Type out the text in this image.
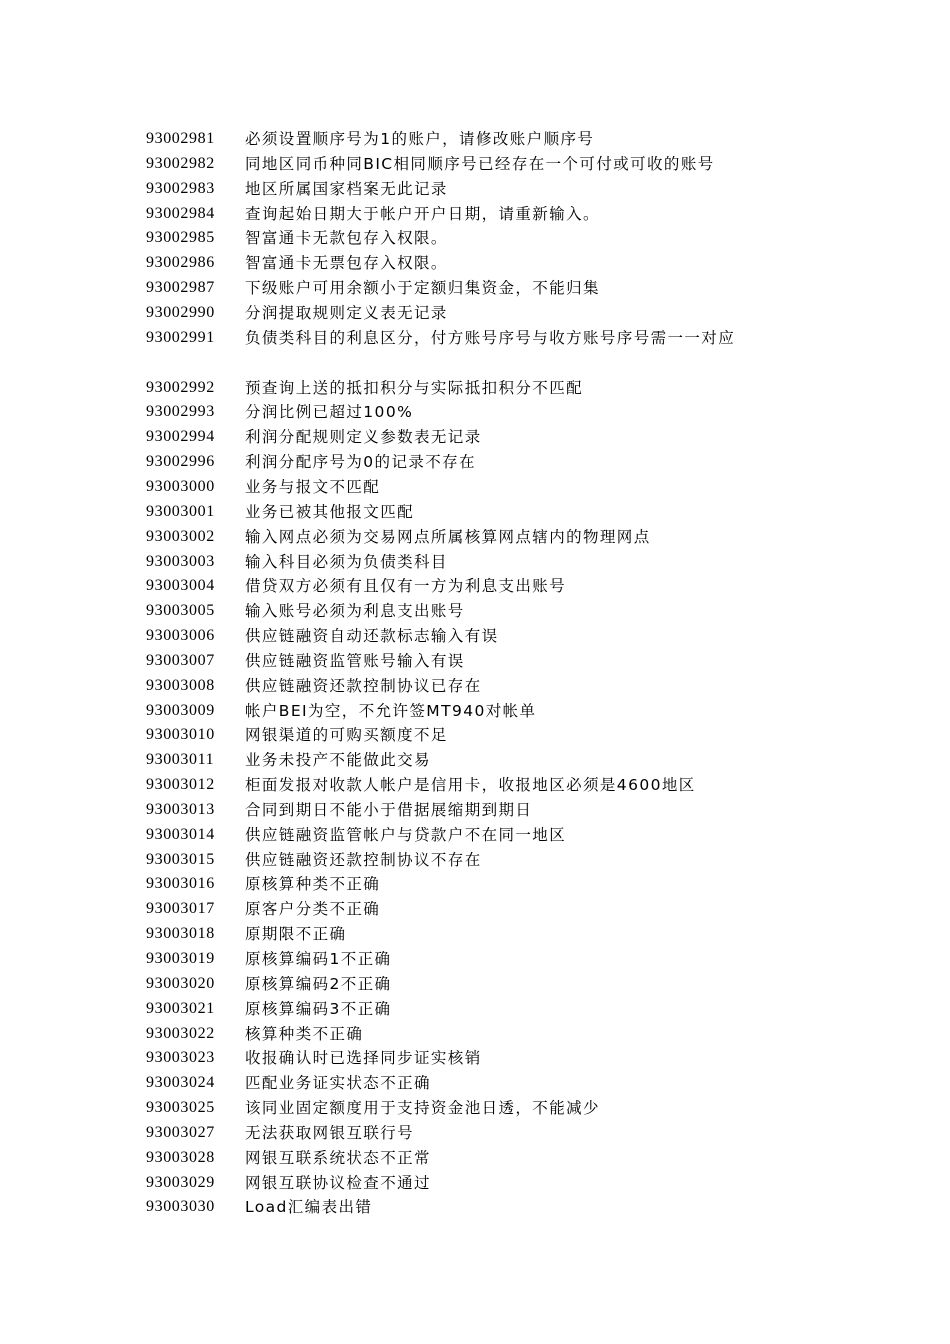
93002981	必须设置顺序号为1的账户，请修改账户顺序号
93002982	同地区同币种同BIC相同顺序号已经存在一个可付或可收的账号
93002983	地区所属国家档案无此记录
93002984	查询起始日期大于帐户开户日期，请重新输入。
93002985	智富通卡无款包存入权限。
93002986	智富通卡无票包存入权限。
93002987	下级账户可用余额小于定额归集资金，不能归集
93002990	分润提取规则定义表无记录
93002991	负债类科目的利息区分，付方账号序号与收方账号序号需一一对应
93002992	预查询上送的抵扣积分与实际抵扣积分不匹配
93002993	分润比例已超过100%
93002994	利润分配规则定义参数表无记录
93002996	利润分配序号为0的记录不存在
93003000	业务与报文不匹配
93003001	业务已被其他报文匹配
93003002	输入网点必须为交易网点所属核算网点辖内的物理网点
93003003	输入科目必须为负债类科目
93003004	借贷双方必须有且仅有一方为利息支出账号
93003005	输入账号必须为利息支出账号
93003006	供应链融资自动还款标志输入有误
93003007	供应链融资监管账号输入有误
93003008	供应链融资还款控制协议已存在
93003009	帐户BEI为空，不允许签MT940对帐单
93003010	网银渠道的可购买额度不足
93003011	业务未投产不能做此交易
93003012	柜面发报对收款人帐户是信用卡，收报地区必须是4600地区
93003013	合同到期日不能小于借据展缩期到期日
93003014	供应链融资监管帐户与贷款户不在同一地区
93003015	供应链融资还款控制协议不存在
93003016	原核算种类不正确
93003017	原客户分类不正确
93003018	原期限不正确
93003019	原核算编码1不正确
93003020	原核算编码2不正确
93003021	原核算编码3不正确
93003022	核算种类不正确
93003023	收报确认时已选择同步证实核销
93003024	匹配业务证实状态不正确
93003025	该同业固定额度用于支持资金池日透，不能减少
93003027	无法获取网银互联行号
93003028	网银互联系统状态不正常
93003029	网银互联协议检查不通过
93003030	Load汇编表出错
